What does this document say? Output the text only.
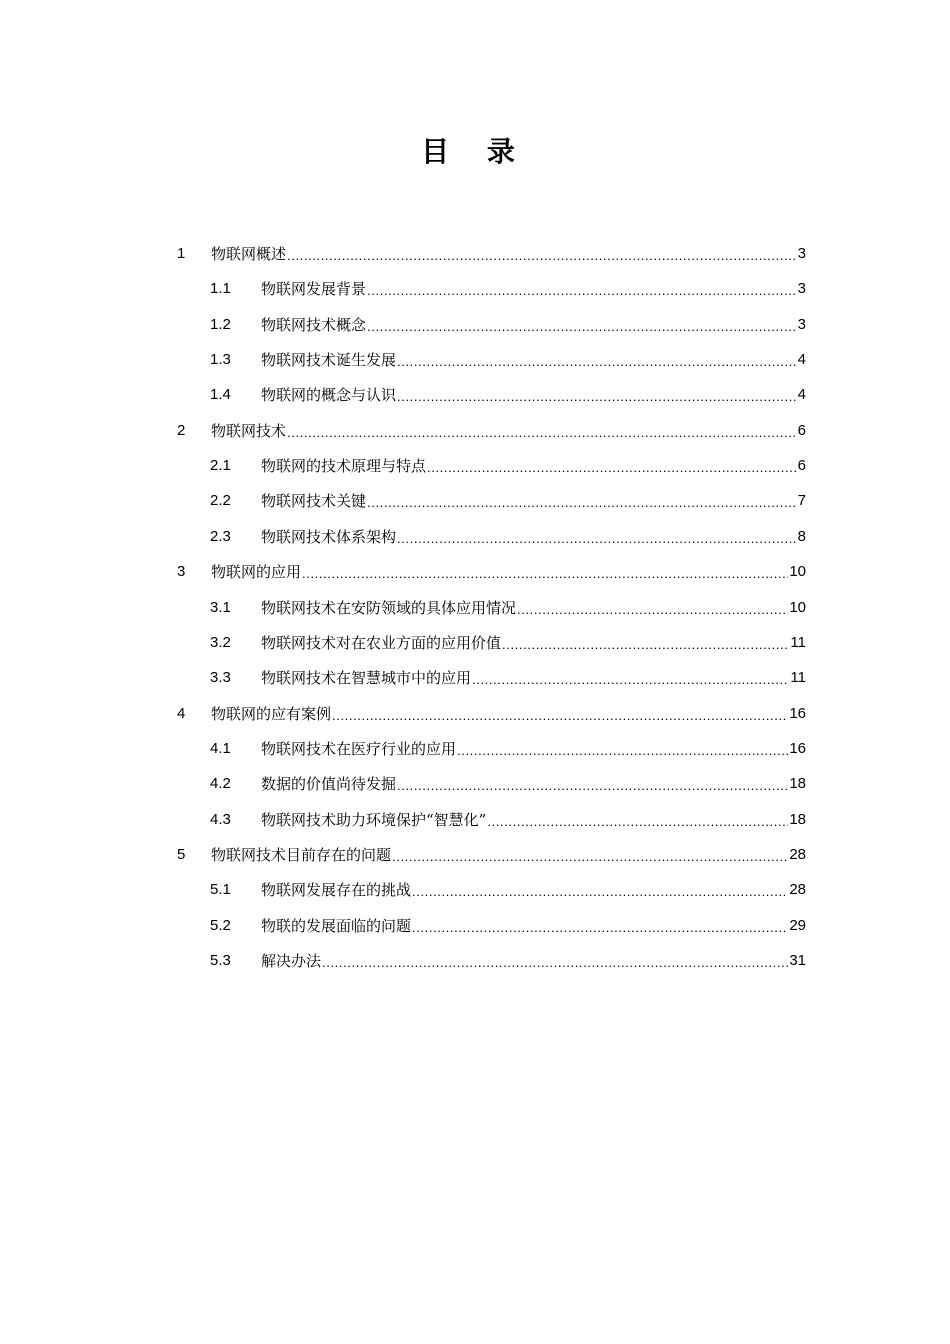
目 录
1	物联网概述 .....	3
1.1	物联网发展背景 .....	3
1.2	物联网技术概念 .....	3
1.3	物联网技术诞生发展 .....	4
1.4	物联网的概念与认识 .....	4
2	物联网技术 .....	6
2.1	物联网的技术原理与特点 .....	6
2.2	物联网技术关键 .....	7
2.3	物联网技术体系架构 .....	8
3	物联网的应用 .....	10
3.1	物联网技术在安防领域的具体应用情况 .....	10
3.2	物联网技术对在农业方面的应用价值 .....	11
3.3	物联网技术在智慧城市中的应用 .....	11
4	物联网的应有案例 .....	16
4.1	物联网技术在医疗行业的应用 .....	16
4.2	数据的价值尚待发掘 .....	18
4.3	物联网技术助力环境保护“智慧化” .....	18
5	物联网技术目前存在的问题 .....	28
5.1	物联网发展存在的挑战 .....	28
5.2	物联的发展面临的问题 .....	29
5.3	解决办法 .....	31
